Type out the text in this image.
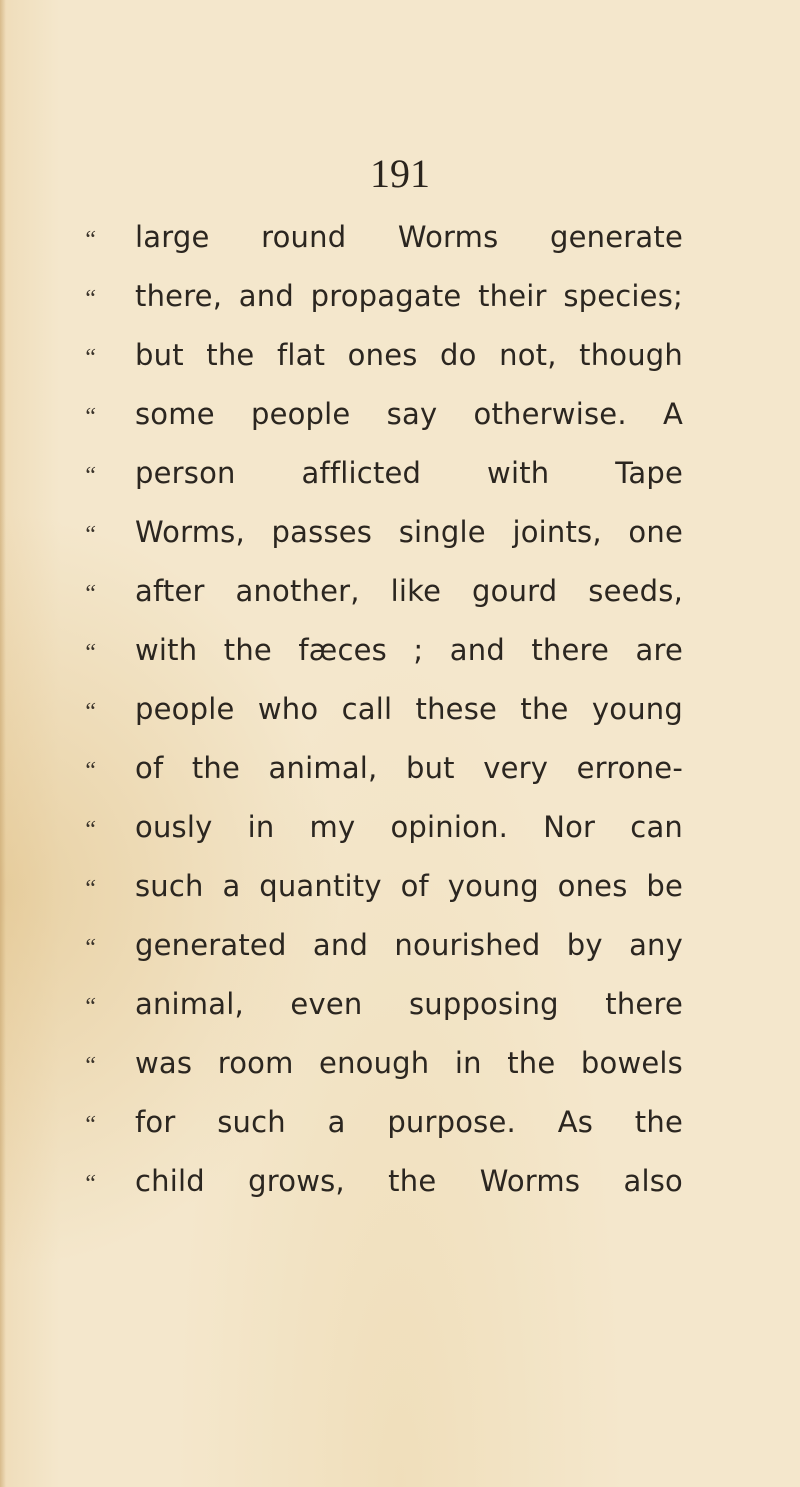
191
“	large round Worms generate
“	there, and propagate their species;
“	but the flat ones do not, though
“	some people say otherwise. A
“	person afflicted with Tape
“	Worms, passes single joints, one
“	after another, like gourd seeds,
“	with the fæces ; and there are
“	people who call these the young
“	of the animal, but very errone-
“	ously in my opinion. Nor can
“	such a quantity of young ones be
“	generated and nourished by any
“	animal, even supposing there
“	was room enough in the bowels
“	for such a purpose. As the
“	child grows, the Worms also
